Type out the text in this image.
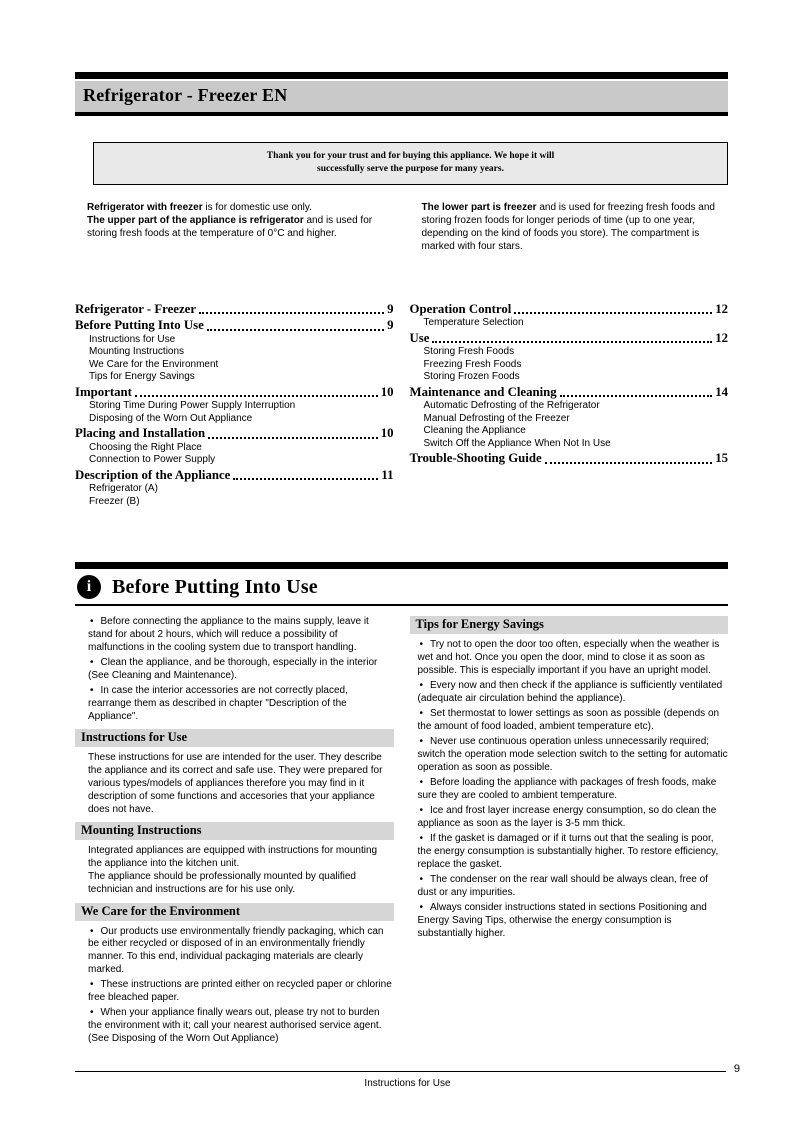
Refrigerator - Freezer EN

Thank you for your trust and for buying this appliance. We hope it will
successfully serve the purpose for many years.

Refrigerator with freezer is for domestic use only.

The upper part of the appliance is refrigerator and is used for storing fresh foods at the temperature of 0°C and higher.

The lower part is freezer and is used for freezing fresh foods and storing frozen foods for longer periods of time (up to one year, depending on the kind of foods you store). The compartment is marked with four stars.

Refrigerator - Freezer	9
Before Putting Into Use	9
Instructions for Use
Mounting Instructions
We Care for the Environment
Tips for Energy Savings
Important	10
Storing Time During Power Supply Interruption
Disposing of the Worn Out Appliance
Placing and Installation	10
Choosing the Right Place
Connection to Power Supply
Description of the Appliance	11
Refrigerator (A)
Freezer (B)
Operation Control	12
Temperature Selection
Use	12
Storing Fresh Foods
Freezing Fresh Foods
Storing Frozen Foods
Maintenance and Cleaning	14
Automatic Defrosting of the Refrigerator
Manual Defrosting of the Freezer
Cleaning the Appliance
Switch Off the Appliance When Not In Use
Trouble-Shooting Guide	15
i
Before Putting Into Use

• Before connecting the appliance to the mains supply, leave it stand for about 2 hours, which will reduce a possibility of malfunctions in the cooling system due to transport handling.

• Clean the appliance, and be thorough, especially in the interior (See Cleaning and Maintenance).

• In case the interior accessories are not correctly placed, rearrange them as described in chapter "Description of the Appliance".

Instructions for Use

These instructions for use are intended for the user. They describe the appliance and its correct and safe use. They were prepared for various types/models of appliances therefore you may find in it description of some functions and accesories that your appliance does not have.

Mounting Instructions

Integrated appliances are equipped with instructions for mounting the appliance into the kitchen unit.

The appliance should be professionally mounted by qualified technician and instructions are for his use only.

We Care for the Environment

• Our products use environmentally friendly packaging, which can be either recycled or disposed of in an environmentally friendly manner. To this end, individual packaging materials are clearly marked.

• These instructions are printed either on recycled paper or chlorine free bleached paper.

• When your appliance finally wears out, please try not to burden the environment with it; call your nearest authorised service agent. (See Disposing of the Worn Out Appliance)

Tips for Energy Savings

• Try not to open the door too often, especially when the weather is wet and hot. Once you open the door, mind to close it as soon as possible. This is especially important if you have an upright model.

• Every now and then check if the appliance is sufficiently ventilated (adequate air circulation behind the appliance).

• Set thermostat to lower settings as soon as possible (depends on the amount of food loaded, ambient temperature etc).

• Never use continuous operation unless unnecessarily required; switch the operation mode selection switch to the setting for automatic operation as soon as possible.

• Before loading the appliance with packages of fresh foods, make sure they are cooled to ambient temperature.

• Ice and frost layer increase energy consumption, so do clean the appliance as soon as the layer is 3-5 mm thick.

• If the gasket is damaged or if it turns out that the sealing is poor, the energy consumption is substantially higher. To restore efficiency, replace the gasket.

• The condenser on the rear wall should be always clean, free of dust or any impurities.

• Always consider instructions stated in sections Positioning and Energy Saving Tips, otherwise the energy consumption is substantially higher.

9
Instructions for Use
